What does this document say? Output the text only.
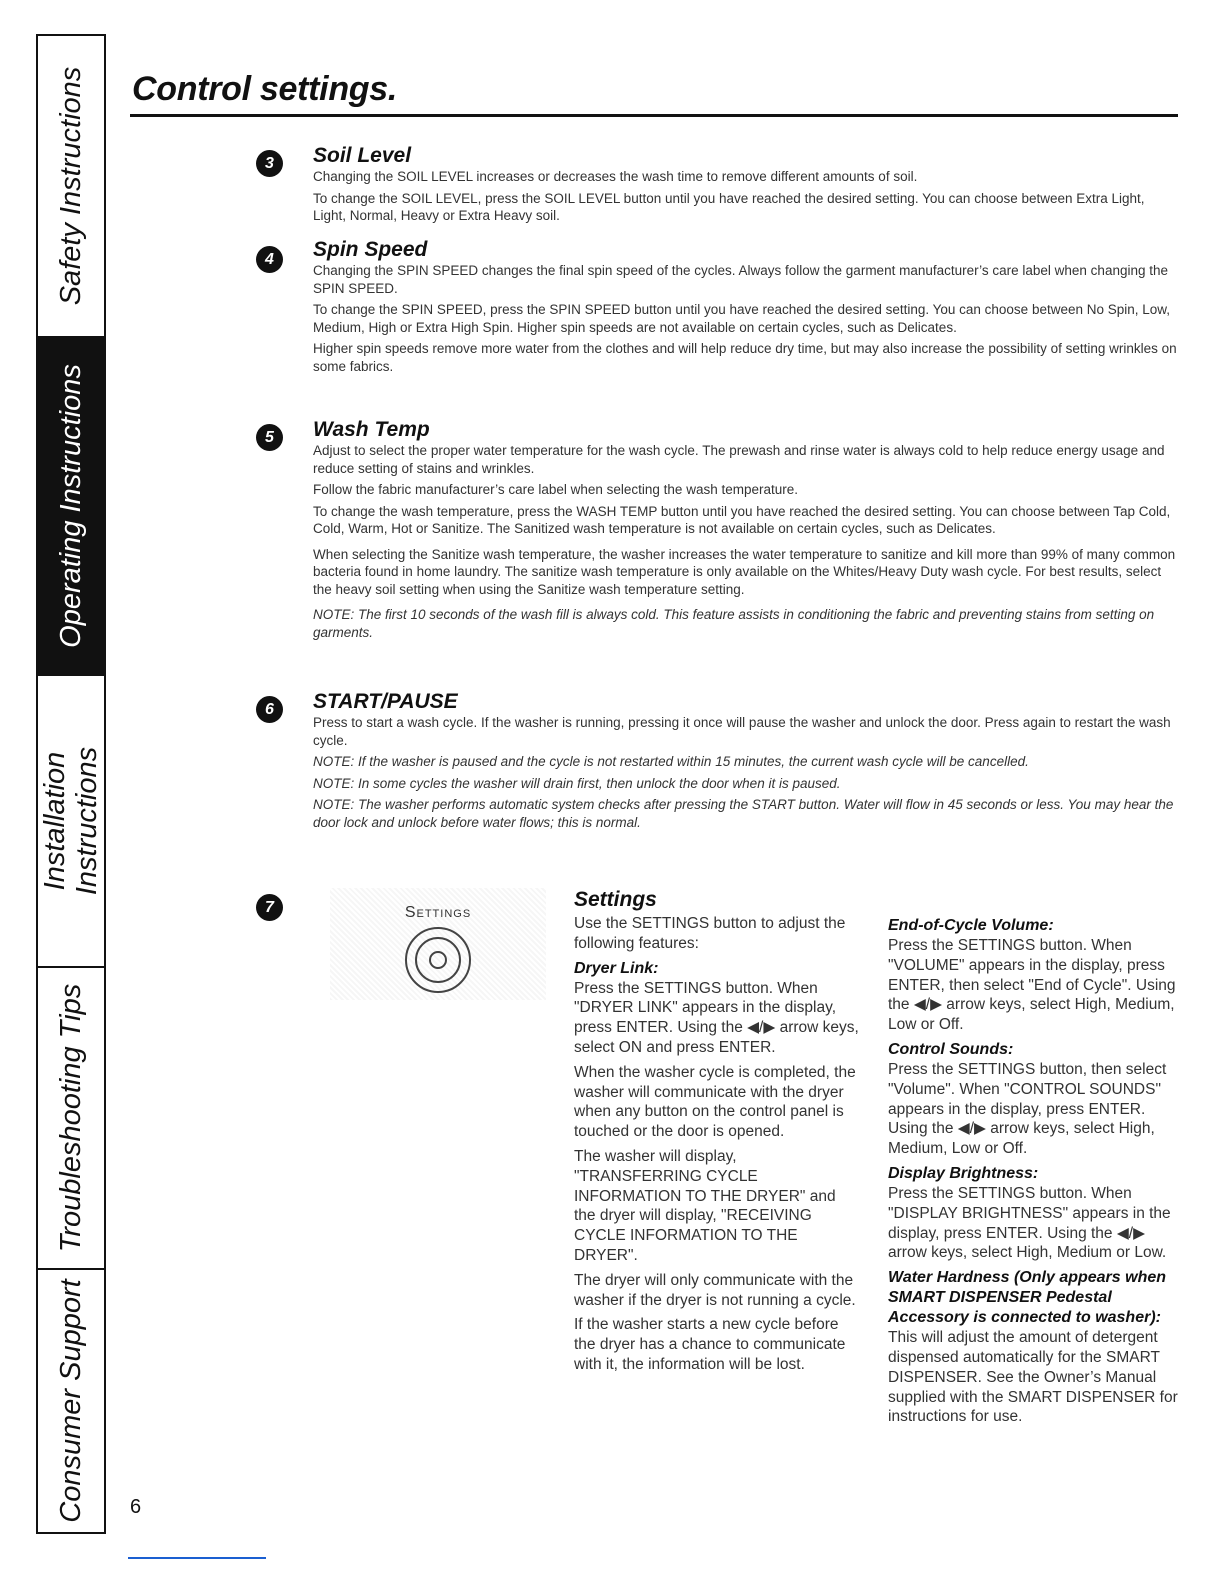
Safety Instructions
Operating Instructions
Installation Instructions
Troubleshooting Tips
Consumer Support
Control settings.
3	Soil Level

Changing the SOIL LEVEL increases or decreases the wash time to remove different amounts of soil.

To change the SOIL LEVEL, press the SOIL LEVEL button until you have reached the desired setting. You can choose between Extra Light, Light, Normal, Heavy or Extra Heavy soil.

4	Spin Speed

Changing the SPIN SPEED changes the final spin speed of the cycles. Always follow the garment manufacturer’s care label when changing the SPIN SPEED.

To change the SPIN SPEED, press the SPIN SPEED button until you have reached the desired setting. You can choose between No Spin, Low, Medium, High or Extra High Spin. Higher spin speeds are not available on certain cycles, such as Delicates.

Higher spin speeds remove more water from the clothes and will help reduce dry time, but may also increase the possibility of setting wrinkles on some fabrics.

5	Wash Temp

Adjust to select the proper water temperature for the wash cycle. The prewash and rinse water is always cold to help reduce energy usage and reduce setting of stains and wrinkles.

Follow the fabric manufacturer’s care label when selecting the wash temperature.

To change the wash temperature, press the WASH TEMP button until you have reached the desired setting. You can choose between Tap Cold, Cold, Warm, Hot or Sanitize. The Sanitized wash temperature is not available on certain cycles, such as Delicates.

When selecting the Sanitize wash temperature, the washer increases the water temperature to sanitize and kill more than 99% of many common bacteria found in home laundry. The sanitize wash temperature is only available on the Whites/Heavy Duty wash cycle. For best results, select the heavy soil setting when using the Sanitize wash temperature setting.

NOTE: The first 10 seconds of the wash fill is always cold. This feature assists in conditioning the fabric and preventing stains from setting on garments.

6	START/PAUSE

Press to start a wash cycle. If the washer is running, pressing it once will pause the washer and unlock the door. Press again to restart the wash cycle.

NOTE: If the washer is paused and the cycle is not restarted within 15 minutes, the current wash cycle will be cancelled.

NOTE: In some cycles the washer will drain first, then unlock the door when it is paused.

NOTE: The washer performs automatic system checks after pressing the START button. Water will flow in 45 seconds or less. You may hear the door lock and unlock before water flows; this is normal.

7	Settings
Settings

Use the SETTINGS button to adjust the following features:

Dryer Link:

Press the SETTINGS button. When "DRYER LINK" appears in the display, press ENTER. Using the ◀/▶ arrow keys, select ON and press ENTER.

When the washer cycle is completed, the washer will communicate with the dryer when any button on the control panel is touched or the door is opened.

The washer will display, "TRANSFERRING CYCLE INFORMATION TO THE DRYER" and the dryer will display, "RECEIVING CYCLE INFORMATION TO THE DRYER".

The dryer will only communicate with the washer if the dryer is not running a cycle.

If the washer starts a new cycle before the dryer has a chance to communicate with it, the information will be lost.

End-of-Cycle Volume:

Press the SETTINGS button. When "VOLUME" appears in the display, press ENTER, then select "End of Cycle". Using the ◀/▶ arrow keys, select High, Medium, Low or Off.

Control Sounds:

Press the SETTINGS button, then select "Volume". When "CONTROL SOUNDS" appears in the display, press ENTER. Using the ◀/▶ arrow keys, select High, Medium, Low or Off.

Display Brightness:

Press the SETTINGS button. When "DISPLAY BRIGHTNESS" appears in the display, press ENTER. Using the ◀/▶ arrow keys, select High, Medium or Low.

Water Hardness (Only appears when SMART DISPENSER Pedestal Accessory is connected to washer):

This will adjust the amount of detergent dispensed automatically for the SMART DISPENSER. See the Owner’s Manual supplied with the SMART DISPENSER for instructions for use.

6
